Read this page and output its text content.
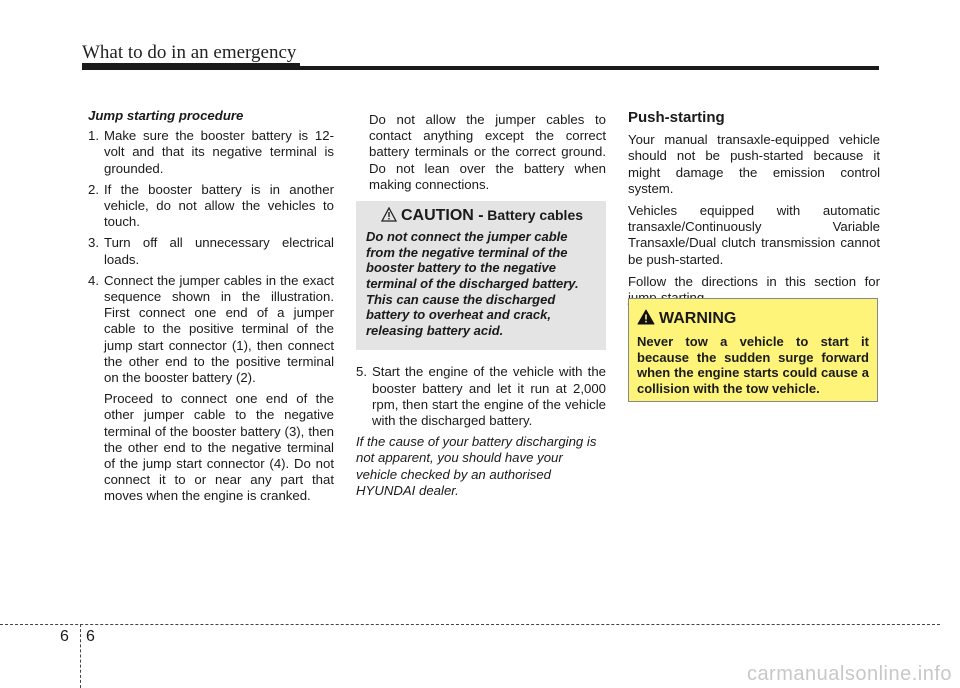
What to do in an emergency
Jump starting procedure
1. Make sure the booster battery is 12-volt and that its negative terminal is grounded.
2. If the booster battery is in another vehicle, do not allow the vehicles to touch.
3. Turn off all unnecessary electrical loads.
4. Connect the jumper cables in the exact sequence shown in the illustration. First connect one end of a jumper cable to the positive terminal of the jump start connector (1), then connect the other end to the positive terminal on the booster battery (2).

Proceed to connect one end of the other jumper cable to the negative terminal of the booster battery (3), then the other end to the negative terminal of the jump start connector (4). Do not connect it to or near any part that moves when the engine is cranked.

Do not allow the jumper cables to contact anything except the correct battery terminals or the correct ground. Do not lean over the battery when making connections.

CAUTION - Battery cables
Do not connect the jumper cable from the negative terminal of the booster battery to the negative terminal of the discharged battery. This can cause the discharged battery to overheat and crack, releasing battery acid.
5. Start the engine of the vehicle with the booster battery and let it run at 2,000 rpm, then start the engine of the vehicle with the discharged battery.
If the cause of your battery discharging is not apparent, you should have your vehicle checked by an authorised HYUNDAI dealer.
Push-starting

Your manual transaxle-equipped vehicle should not be push-started because it might damage the emission control system.

Vehicles equipped with automatic transaxle/Continuously Variable Transaxle/Dual clutch transmission cannot be push-started.

Follow the directions in this section for

WARNING
Never tow a vehicle to start it because the sudden surge forward when the engine starts could cause a collision with the tow vehicle.
6 6
carmanualsonline.info
